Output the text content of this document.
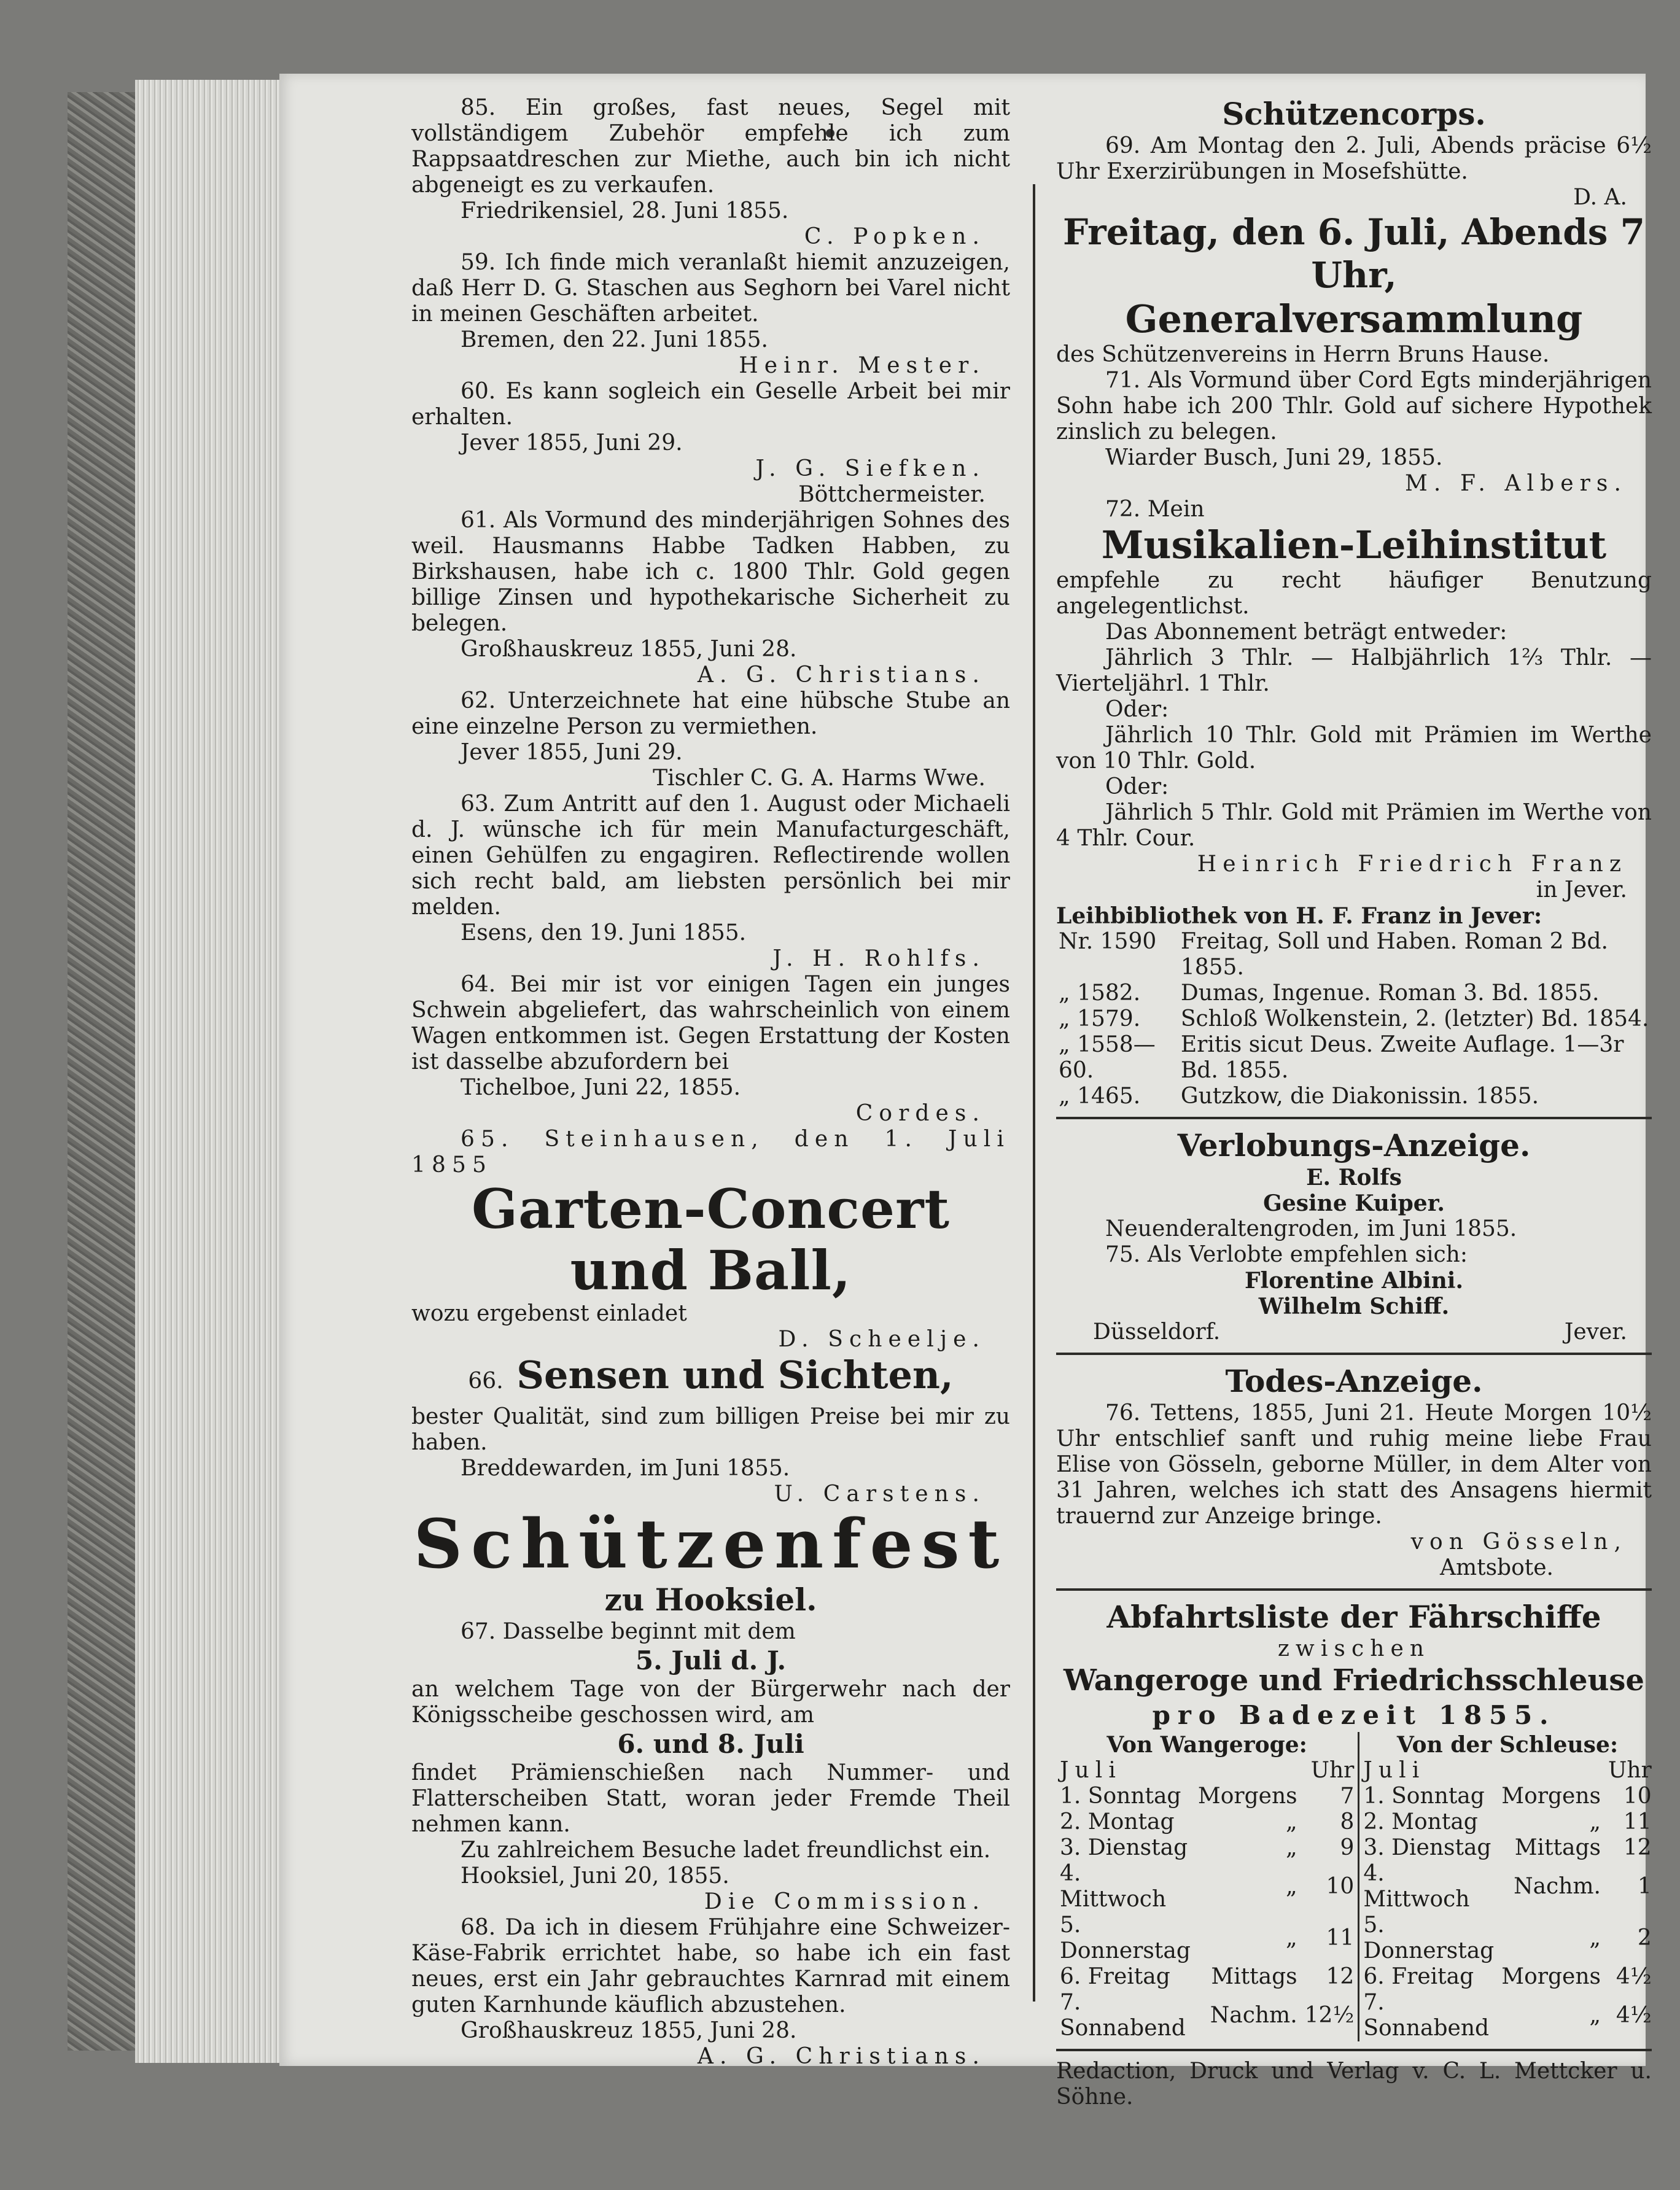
85. Ein großes, fast neues, Segel mit vollständigem Zubehör empfehle ich zum Rappsaatdreschen zur Miethe, auch bin ich nicht abgeneigt es zu verkaufen.

Friedrikensiel, 28. Juni 1855.

C. Popken.

59. Ich finde mich veranlaßt hiemit anzuzeigen, daß Herr D. G. Staschen aus Seghorn bei Varel nicht in meinen Geschäften arbeitet.

Bremen, den 22. Juni 1855.

Heinr. Mester.

60. Es kann sogleich ein Geselle Arbeit bei mir erhalten.

Jever 1855, Juni 29.

J. G. Siefken.

Böttchermeister.

61. Als Vormund des minderjährigen Sohnes des weil. Hausmanns Habbe Tadken Habben, zu Birkshausen, habe ich c. 1800 Thlr. Gold gegen billige Zinsen und hypothekarische Sicherheit zu belegen.

Großhauskreuz 1855, Juni 28.

A. G. Christians.

62. Unterzeichnete hat eine hübsche Stube an eine einzelne Person zu vermiethen.

Jever 1855, Juni 29.

Tischler C. G. A. Harms Wwe.

63. Zum Antritt auf den 1. August oder Michaeli d. J. wünsche ich für mein Manufacturgeschäft, einen Gehülfen zu engagiren. Reflectirende wollen sich recht bald, am liebsten persönlich bei mir melden.

Esens, den 19. Juni 1855.

J. H. Rohlfs.

64. Bei mir ist vor einigen Tagen ein junges Schwein abgeliefert, das wahrscheinlich von einem Wagen entkommen ist. Gegen Erstattung der Kosten ist dasselbe abzufordern bei

Tichelboe, Juni 22, 1855.

Cordes.

65. Steinhausen, den 1. Juli 1855

Garten-Concert und Ball,

wozu ergebenst einladet

D. Scheelje.

66. Sensen und Sichten,

bester Qualität, sind zum billigen Preise bei mir zu haben.

Breddewarden, im Juni 1855.

U. Carstens.

Schützenfest
zu Hooksiel.

67. Dasselbe beginnt mit dem

5. Juli d. J.

an welchem Tage von der Bürgerwehr nach der Königsscheibe geschossen wird, am

6. und 8. Juli

findet Prämienschießen nach Nummer- und Flatterscheiben Statt, woran jeder Fremde Theil nehmen kann.

Zu zahlreichem Besuche ladet freundlichst ein.

Hooksiel, Juni 20, 1855.

Die Commission.

68. Da ich in diesem Frühjahre eine Schweizer-Käse-Fabrik errichtet habe, so habe ich ein fast neues, erst ein Jahr gebrauchtes Karnrad mit einem guten Karnhunde käuflich abzustehen.

Großhauskreuz 1855, Juni 28.

A. G. Christians.

Schützencorps.

69. Am Montag den 2. Juli, Abends präcise 6½ Uhr Exerzirübungen in Mosefshütte.

D. A.

Freitag, den 6. Juli, Abends 7 Uhr,
Generalversammlung

des Schützenvereins in Herrn Bruns Hause.

71. Als Vormund über Cord Egts minderjährigen Sohn habe ich 200 Thlr. Gold auf sichere Hypothek zinslich zu belegen.

Wiarder Busch, Juni 29, 1855.

M. F. Albers.

72. Mein

Musikalien-Leihinstitut

empfehle zu recht häufiger Benutzung angelegentlichst.

Das Abonnement beträgt entweder:

Jährlich 3 Thlr. — Halbjährlich 1⅔ Thlr. — Vierteljährl. 1 Thlr.

Oder:

Jährlich 10 Thlr. Gold mit Prämien im Werthe von 10 Thlr. Gold.

Oder:

Jährlich 5 Thlr. Gold mit Prämien im Werthe von 4 Thlr. Cour.

Heinrich Friedrich Franz

in Jever.

Leihbibliothek von H. F. Franz in Jever:

Nr. 1590	Freitag, Soll und Haben. Roman 2 Bd. 1855.
„ 1582.	Dumas, Ingenue. Roman 3. Bd. 1855.
„ 1579.	Schloß Wolkenstein, 2. (letzter) Bd. 1854.
„ 1558—60.	Eritis sicut Deus. Zweite Auflage. 1—3r Bd. 1855.
„ 1465.	Gutzkow, die Diakonissin. 1855.
Verlobungs-Anzeige.
E. Rolfs
Gesine Kuiper.

Neuenderaltengroden, im Juni 1855.

75. Als Verlobte empfehlen sich:

Florentine Albini.
Wilhelm Schiff.
Düsseldorf.	Jever.
Todes-Anzeige.

76. Tettens, 1855, Juni 21. Heute Morgen 10½ Uhr entschlief sanft und ruhig meine liebe Frau Elise von Gösseln, geborne Müller, in dem Alter von 31 Jahren, welches ich statt des Ansagens hiermit trauernd zur Anzeige bringe.

von Gösseln,

Amtsbote.

Abfahrtsliste der Fährschiffe
zwischen
Wangeroge und Friedrichsschleuse
pro Badezeit 1855.
Von Wangeroge:			Von der Schleuse:		
Juli		Uhr	Juli		Uhr
1. Sonntag	Morgens	7	1. Sonntag	Morgens	10
2. Montag	„	8	2. Montag	„	11
3. Dienstag	„	9	3. Dienstag	Mittags	12
4. Mittwoch	„	10	4. Mittwoch	Nachm.	1
5. Donnerstag	„	11	5. Donnerstag	„	2
6. Freitag	Mittags	12	6. Freitag	Morgens	4½
7. Sonnabend	Nachm.	12½	7. Sonnabend	„	4½

Redaction, Druck und Verlag v. C. L. Mettcker u. Söhne.
